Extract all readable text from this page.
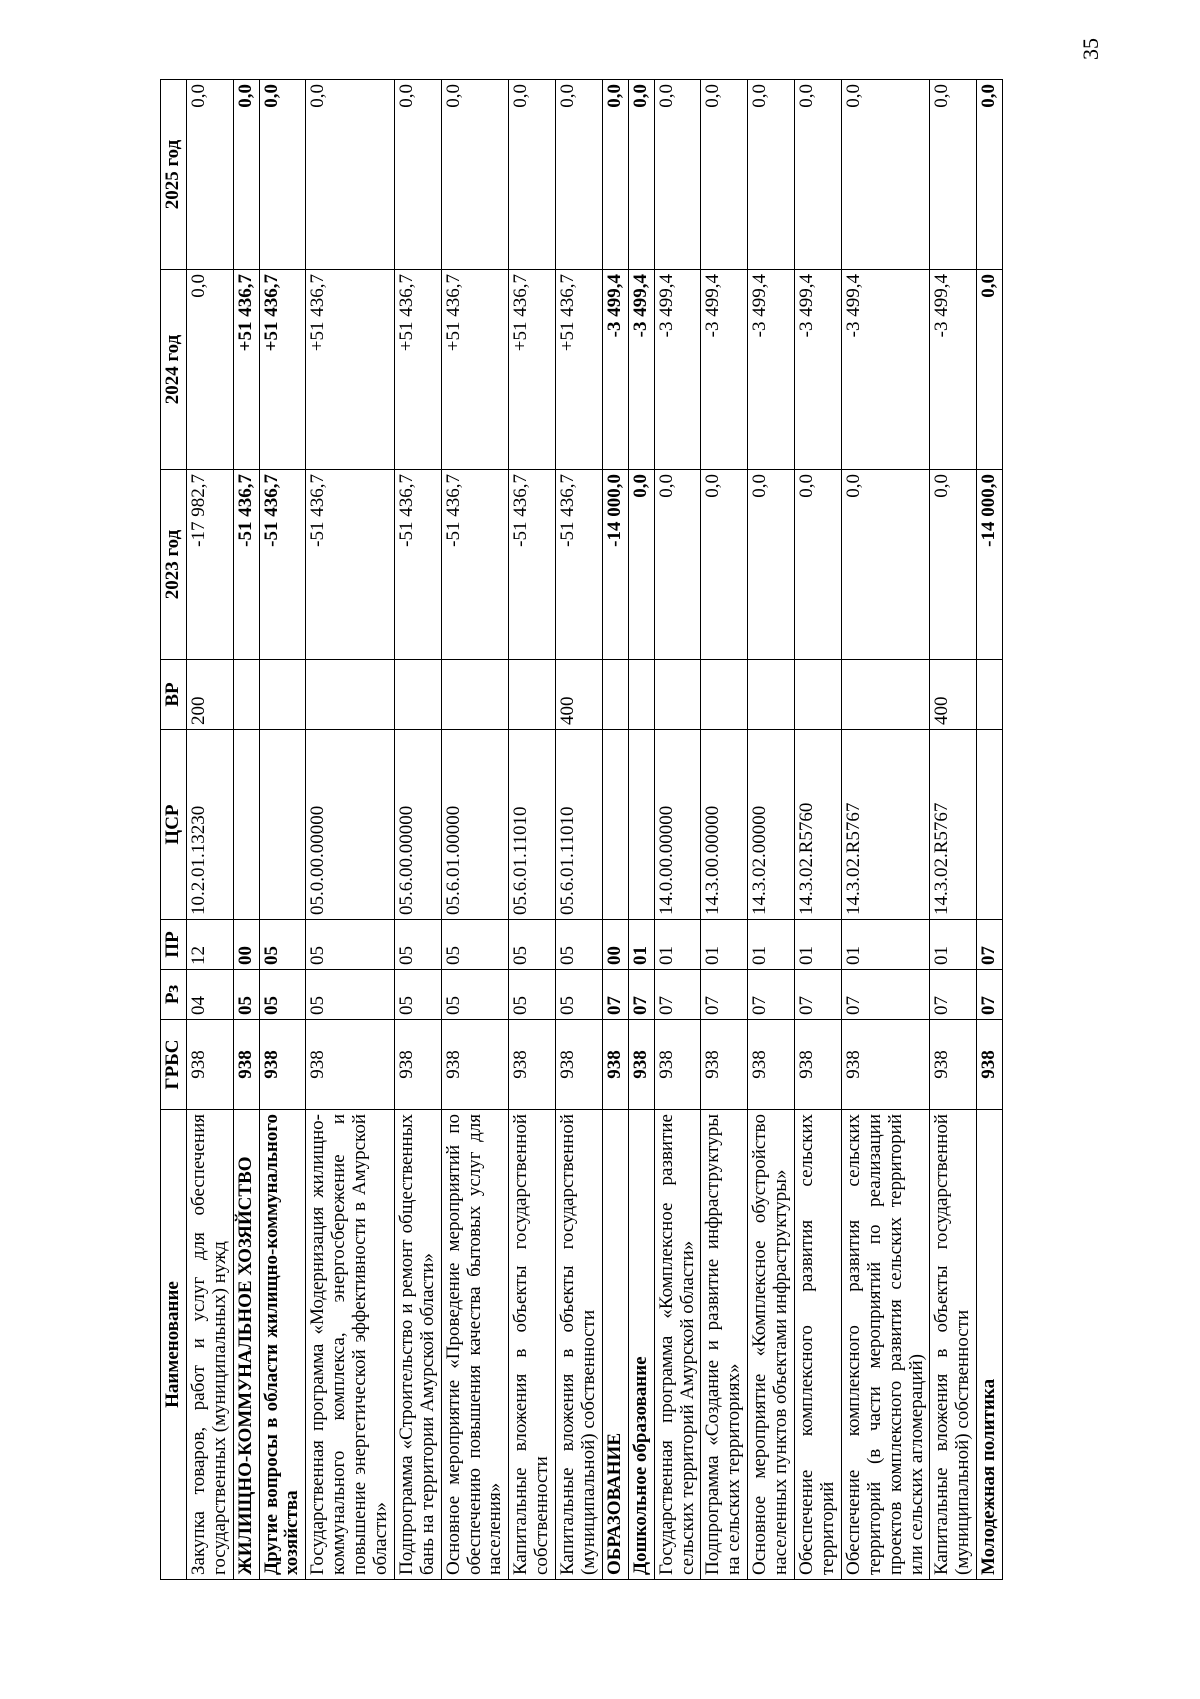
35
Наименование	ГРБС	Рз	ПР	ЦСР	ВР	2023 год	2024 год	2025 год
Закупка товаров, работ и услуг для обеспечения государственных (муниципальных) нужд	938	04	12	10.2.01.13230	200	-17 982,7	0,0	0,0
ЖИЛИЩНО-КОММУНАЛЬНОЕ ХОЗЯЙСТВО	938	05	00			-51 436,7	+51 436,7	0,0
Другие вопросы в области жилищно-коммунального хозяйства	938	05	05			-51 436,7	+51 436,7	0,0
Государственная программа «Модернизация жилищно-коммунального комплекса, энергосбережение и повышение энергетической эффективности в Амурской области»	938	05	05	05.0.00.00000		-51 436,7	+51 436,7	0,0
Подпрограмма «Строительство и ремонт общественных бань на территории Амурской области»	938	05	05	05.6.00.00000		-51 436,7	+51 436,7	0,0
Основное мероприятие «Проведение мероприятий по обеспечению повышения качества бытовых услуг для населения»	938	05	05	05.6.01.00000		-51 436,7	+51 436,7	0,0
Капитальные вложения в объекты государственной собственности	938	05	05	05.6.01.11010		-51 436,7	+51 436,7	0,0
Капитальные вложения в объекты государственной (муниципальной) собственности	938	05	05	05.6.01.11010	400	-51 436,7	+51 436,7	0,0
ОБРАЗОВАНИЕ	938	07	00			-14 000,0	-3 499,4	0,0
Дошкольное образование	938	07	01			0,0	-3 499,4	0,0
Государственная программа «Комплексное развитие сельских территорий Амурской области»	938	07	01	14.0.00.00000		0,0	-3 499,4	0,0
Подпрограмма «Создание и развитие инфраструктуры на сельских территориях»	938	07	01	14.3.00.00000		0,0	-3 499,4	0,0
Основное мероприятие «Комплексное обустройство населенных пунктов объектами инфраструктуры»	938	07	01	14.3.02.00000		0,0	-3 499,4	0,0
Обеспечение комплексного развития сельских территорий	938	07	01	14.3.02.R5760		0,0	-3 499,4	0,0
Обеспечение комплексного развития сельских территорий (в части мероприятий по реализации проектов комплексного развития сельских территорий или сельских агломераций)	938	07	01	14.3.02.R5767		0,0	-3 499,4	0,0
Капитальные вложения в объекты государственной (муниципальной) собственности	938	07	01	14.3.02.R5767	400	0,0	-3 499,4	0,0
Молодежная политика	938	07	07			-14 000,0	0,0	0,0
